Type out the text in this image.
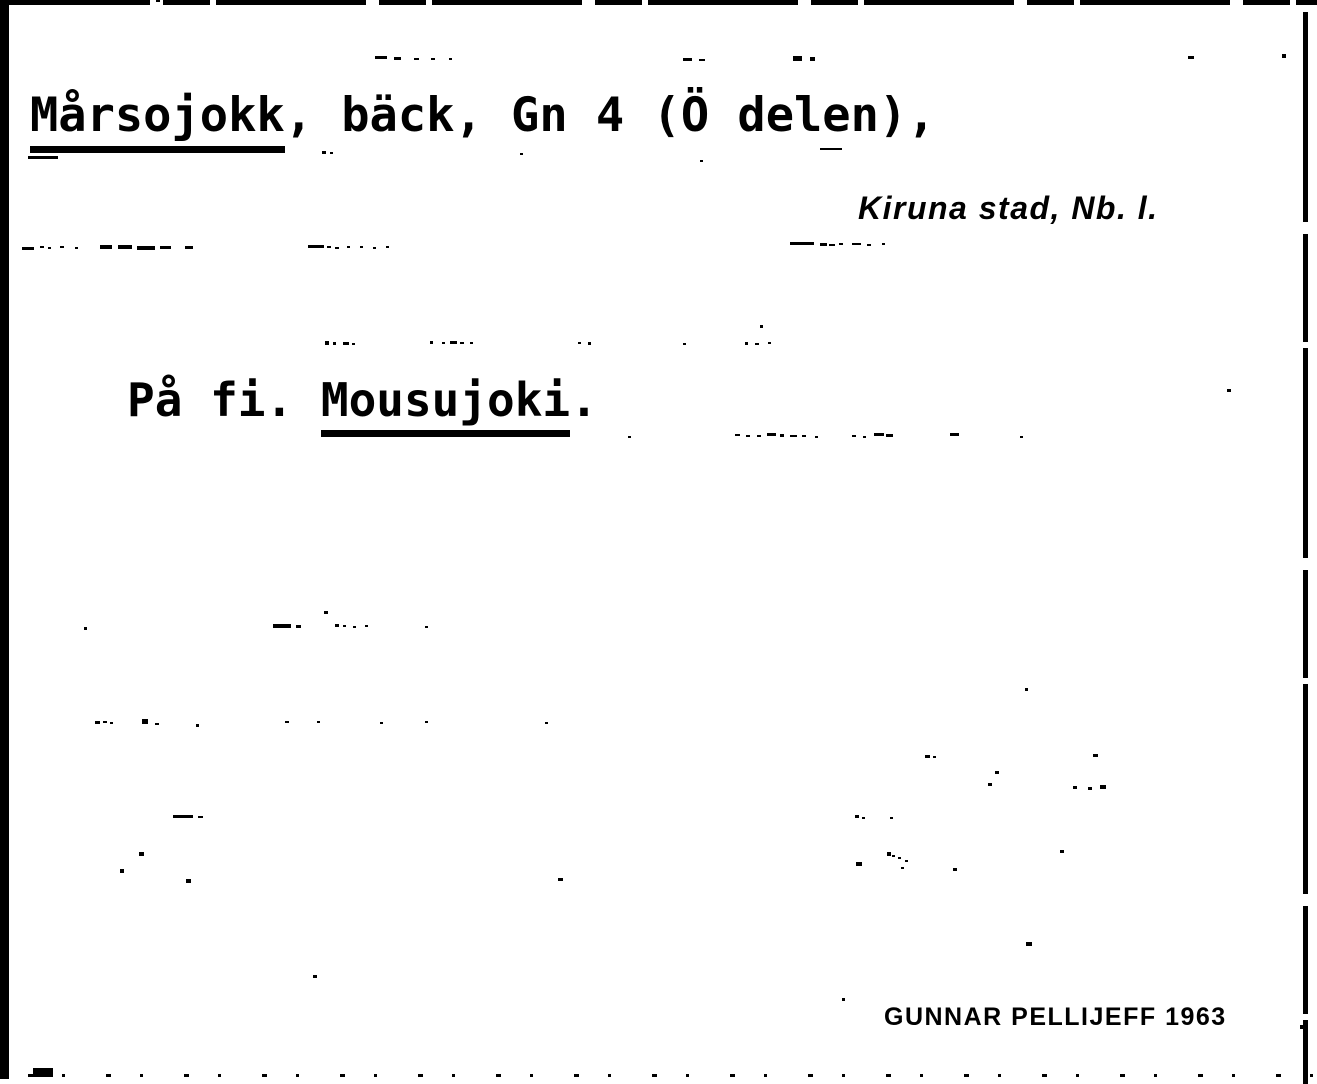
Mårsojokk, bäck, Gn 4 (Ö delen),
Kiruna stad, Nb. l.
På fi. Mousujoki.
GUNNAR PELLIJEFF 1963
